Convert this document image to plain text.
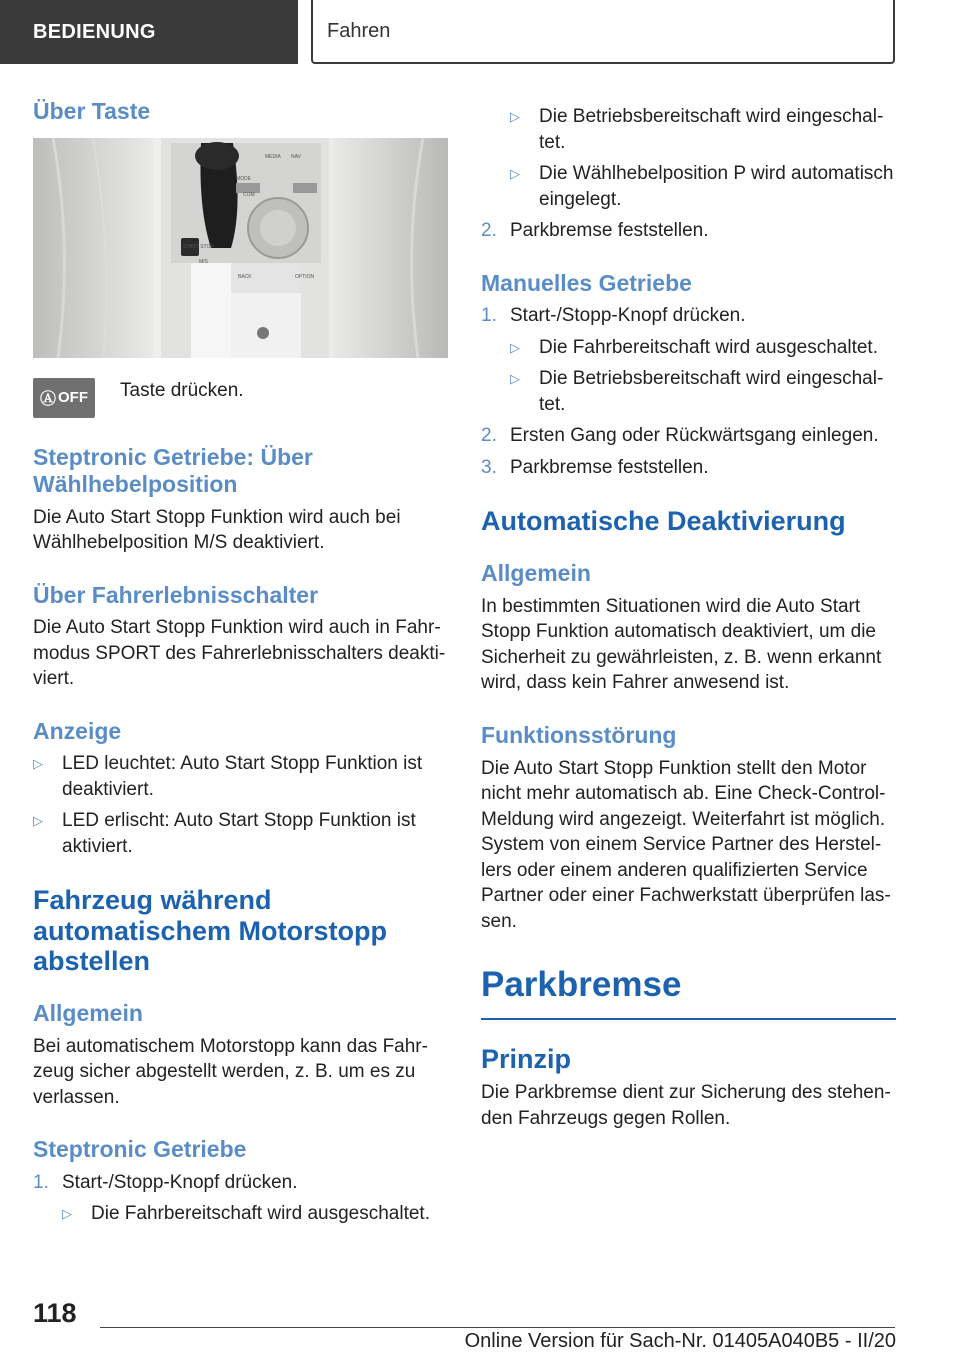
BEDIENUNG	Fahren
Über Taste
START STOP
MODE
MEDIA NAV
COM
BACK	OPTION
M/S
Ⓐ OFF Taste drücken.

Steptronic Getriebe: Über Wählhebelposition

Die Auto Start Stopp Funktion wird auch bei Wählhebelposition M/S deaktiviert.

Über Fahrerlebnisschalter

Die Auto Start Stopp Funktion wird auch in Fahrmodus SPORT des Fahrerlebnisschalters deaktiviert.

Anzeige
▷	LED leuchtet: Auto Start Stopp Funktion ist deaktiviert.
▷	LED erlischt: Auto Start Stopp Funktion ist aktiviert.
Fahrzeug während automatischem Motorstopp abstellen
Allgemein

Bei automatischem Motorstopp kann das Fahrzeug sicher abgestellt werden, z. B. um es zu verlassen.

Steptronic Getriebe
1. Start-/Stopp-Knopf drücken.
▷	Die Fahrbereitschaft wird ausgeschaltet.
▷	Die Betriebsbereitschaft wird eingeschaltet.
▷	Die Wählhebelposition P wird automatisch eingelegt.
2. Parkbremse feststellen.
Manuelles Getriebe
1. Start-/Stopp-Knopf drücken.
▷	Die Fahrbereitschaft wird ausgeschaltet.
▷	Die Betriebsbereitschaft wird eingeschaltet.
2. Ersten Gang oder Rückwärtsgang einlegen.
3. Parkbremse feststellen.
Automatische Deaktivierung
Allgemein

In bestimmten Situationen wird die Auto Start Stopp Funktion automatisch deaktiviert, um die Sicherheit zu gewährleisten, z. B. wenn erkannt wird, dass kein Fahrer anwesend ist.

Funktionsstörung

Die Auto Start Stopp Funktion stellt den Motor nicht mehr automatisch ab. Eine Check-Control-Meldung wird angezeigt. Weiterfahrt ist möglich. System von einem Service Partner des Herstellers oder einem anderen qualifizierten Service Partner oder einer Fachwerkstatt überprüfen lassen.

Parkbremse
Prinzip

Die Parkbremse dient zur Sicherung des stehenden Fahrzeugs gegen Rollen.

118
Online Version für Sach-Nr. 01405A040B5 - II/20
